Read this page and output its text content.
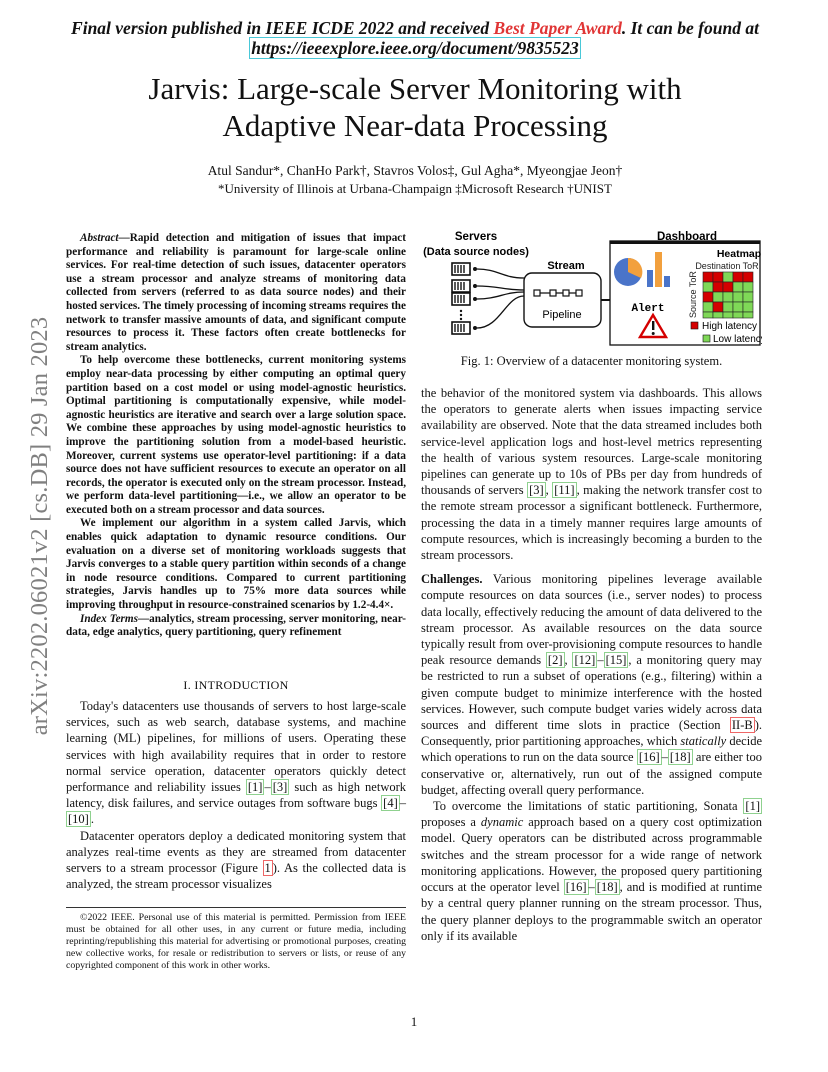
Final version published in IEEE ICDE 2022 and received Best Paper Award. It can be found at https://ieeexplore.ieee.org/document/9835523
Jarvis: Large-scale Server Monitoring with Adaptive Near-data Processing
Atul Sandur*, ChanHo Park†, Stavros Volos‡, Gul Agha*, Myeongjae Jeon†
*University of Illinois at Urbana-Champaign ‡Microsoft Research †UNIST
arXiv:2202.06021v2 [cs.DB] 29 Jan 2023

Abstract—Rapid detection and mitigation of issues that impact performance and reliability is paramount for large-scale online services. For real-time detection of such issues, datacenter operators use a stream processor and analyze streams of monitoring data collected from servers (referred to as data source nodes) and their hosted services. The timely processing of incoming streams requires the network to transfer massive amounts of data, and significant compute resources to process it. These factors often create bottlenecks for stream analytics.

To help overcome these bottlenecks, current monitoring systems employ near-data processing by either computing an optimal query partition based on a cost model or using model-agnostic heuristics. Optimal partitioning is computationally expensive, while model-agnostic heuristics are iterative and search over a large solution space. We combine these approaches by using model-agnostic heuristics to improve the partitioning solution from a model-based heuristic. Moreover, current systems use operator-level partitioning: if a data source does not have sufficient resources to execute an operator on all records, the operator is executed only on the stream processor. Instead, we perform data-level partitioning—i.e., we allow an operator to be executed both on a stream processor and data sources.

We implement our algorithm in a system called Jarvis, which enables quick adaptation to dynamic resource conditions. Our evaluation on a diverse set of monitoring workloads suggests that Jarvis converges to a stable query partition within seconds of a change in node resource conditions. Compared to current partitioning strategies, Jarvis handles up to 75% more data sources while improving throughput in resource-constrained scenarios by 1.2-4.4×.

Index Terms—analytics, stream processing, server monitoring, near-data, edge analytics, query partitioning, query refinement

I. INTRODUCTION

Today's datacenters use thousands of servers to host large-scale services, such as web search, database systems, and machine learning (ML) pipelines, for millions of users. Operating these services with high availability requires that in order to restore normal service operation, datacenter operators quickly detect performance and reliability issues [1] – [3] such as high network latency, disk failures, and service outages from software bugs [4] –[10] .

Datacenter operators deploy a dedicated monitoring system that analyzes real-time events as they are streamed from datacenter servers to a stream processor (Figure 1 ). As the collected data is analyzed, the stream processor visualizes

©2022 IEEE. Personal use of this material is permitted. Permission from IEEE must be obtained for all other uses, in any current or future media, including reprinting/republishing this material for advertising or promotional purposes, creating new collective works, for resale or redistribution to servers or lists, or reuse of any copyrighted component of this work in other works.
Servers
(Data source nodes)
Stream
Pipeline
Dashboard
Heatmap
Destination ToR
Source ToR
Alert
High latency
Low latency
Fig. 1: Overview of a datacenter monitoring system.

the behavior of the monitored system via dashboards. This allows the operators to generate alerts when issues impacting service availability are observed. Note that the data streamed includes both service-level application logs and host-level metrics representing the health of various system resources. Large-scale monitoring pipelines can generate up to 10s of PBs per day from hundreds of thousands of servers [3] , [11] , making the network transfer cost to the remote stream processor a significant bottleneck. Furthermore, processing the data in a timely manner requires large amounts of compute resources, which is increasingly becoming a burden to the stream processors.

Challenges. Various monitoring pipelines leverage available compute resources on data sources (i.e., server nodes) to process data locally, effectively reducing the amount of data delivered to the stream processor. As available resources on the data source typically result from over-provisioning compute resources to handle peak resource demands [2] , [12] – [15] , a monitoring query may be restricted to run a subset of operations (e.g., filtering) within a given compute budget to minimize interference with the hosted services. However, such compute budget varies widely across data sources and different time slots in practice (Section II-B ). Consequently, prior partitioning approaches, which statically decide which operations to run on the data source [16] – [18] are either too conservative or, alternatively, run out of the assigned compute budget, affecting overall query performance.

To overcome the limitations of static partitioning, Sonata [1] proposes a dynamic approach based on a query cost optimization model. Query operators can be distributed across programmable switches and the stream processor for a wide range of network monitoring applications. However, the proposed query partitioning occurs at the operator level [16] – [18] , and is modified at runtime by a central query planner running on the stream processor. Thus, the query planner deploys to the programmable switch an operator only if its available

1
